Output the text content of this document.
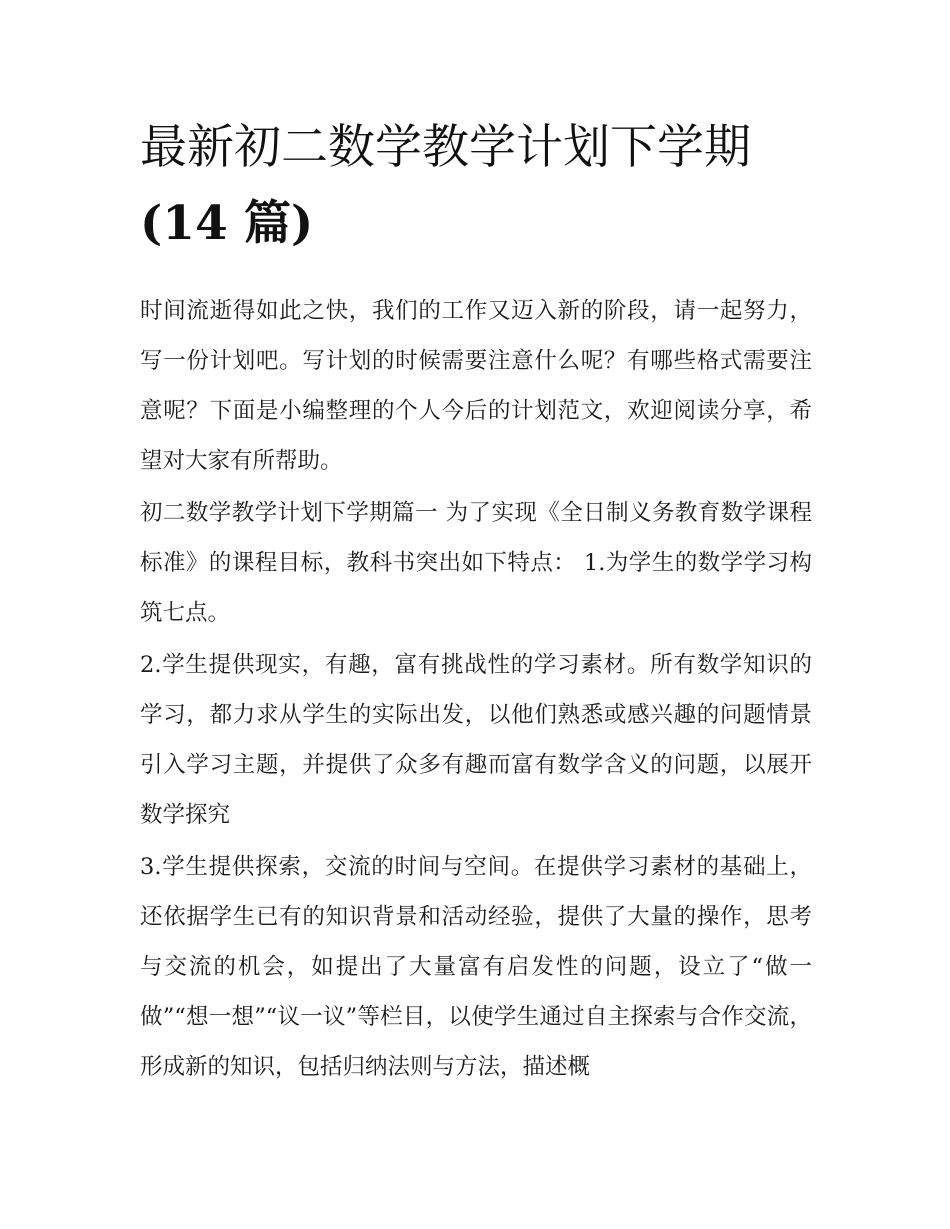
最新初二数学教学计划下学期
(14 篇)

时间流逝得如此之快，我们的工作又迈入新的阶段，请一起努力，写一份计划吧。写计划的时候需要注意什么呢？有哪些格式需要注意呢？下面是小编整理的个人今后的计划范文，欢迎阅读分享，希望对大家有所帮助。

初二数学教学计划下学期篇一 为了实现《全日制义务教育数学课程标准》的课程目标，教科书突出如下特点： 1.为学生的数学学习构筑七点。

2.学生提供现实，有趣，富有挑战性的学习素材。所有数学知识的学习，都力求从学生的实际出发，以他们熟悉或感兴趣的问题情景引入学习主题，并提供了众多有趣而富有数学含义的问题，以展开数学探究

3.学生提供探索，交流的时间与空间。在提供学习素材的基础上，还依据学生已有的知识背景和活动经验，提供了大量的操作，思考与交流的机会，如提出了大量富有启发性的问题，设立了“做一做”“想一想”“议一议”等栏目，以使学生通过自主探索与合作交流，形成新的知识，包括归纳法则与方法，描述概
